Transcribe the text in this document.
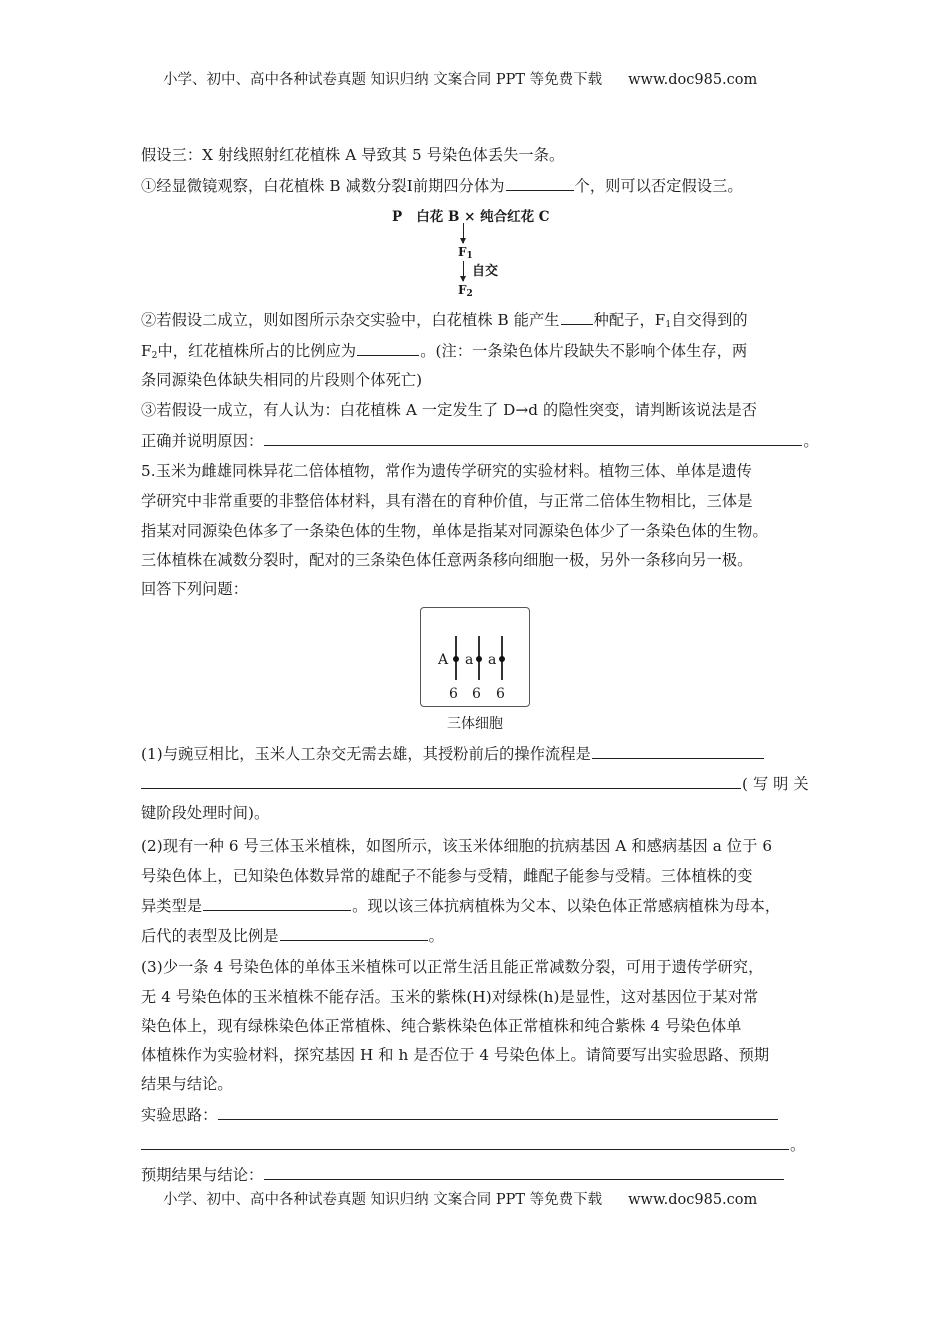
小学、初中、高中各种试卷真题 知识归纳 文案合同 PPT 等免费下载 www.doc985.com
假设三：X 射线照射红花植株 A 导致其 5 号染色体丢失一条。
①经显微镜观察，白花植株 B 减数分裂Ⅰ前期四分体为	个，则可以否定假设三。
P 白花 B × 纯合红花 C
$F_1$
自交
$F_2$
②若假设二成立，则如图所示杂交实验中，白花植株 B 能产生 种配子，$F_1$自交得到的
$F_2$中，红花植株所占的比例应为	。(注：一条染色体片段缺失不影响个体生存，两
条同源染色体缺失相同的片段则个体死亡)
③若假设一成立，有人认为：白花植株 A 一定发生了 D→d 的隐性突变，请判断该说法是否
正确并说明原因：	。
5.玉米为雌雄同株异花二倍体植物，常作为遗传学研究的实验材料。植物三体、单体是遗传
学研究中非常重要的非整倍体材料，具有潜在的育种价值，与正常二倍体生物相比，三体是
指某对同源染色体多了一条染色体的生物，单体是指某对同源染色体少了一条染色体的生物。
三体植株在减数分裂时，配对的三条染色体任意两条移向细胞一极，另外一条移向另一极。
回答下列问题：
A a a
6 6 6
三体细胞
(1)与豌豆相比，玉米人工杂交无需去雄，其授粉前后的操作流程是
( 写 明 关
键阶段处理时间)。
(2)现有一种 6 号三体玉米植株，如图所示，该玉米体细胞的抗病基因 A 和感病基因 a 位于 6
号染色体上，已知染色体数异常的雄配子不能参与受精，雌配子能参与受精。三体植株的变
异类型是	。现以该三体抗病植株为父本、以染色体正常感病植株为母本，
后代的表型及比例是	。
(3)少一条 4 号染色体的单体玉米植株可以正常生活且能正常减数分裂，可用于遗传学研究，
无 4 号染色体的玉米植株不能存活。玉米的紫株(H)对绿株(h)是显性，这对基因位于某对常
染色体上，现有绿株染色体正常植株、纯合紫株染色体正常植株和纯合紫株 4 号染色体单
体植株作为实验材料，探究基因 H 和 h 是否位于 4 号染色体上。请简要写出实验思路、预期
结果与结论。
实验思路：
。
预期结果与结论：
小学、初中、高中各种试卷真题 知识归纳 文案合同 PPT 等免费下载 www.doc985.com
